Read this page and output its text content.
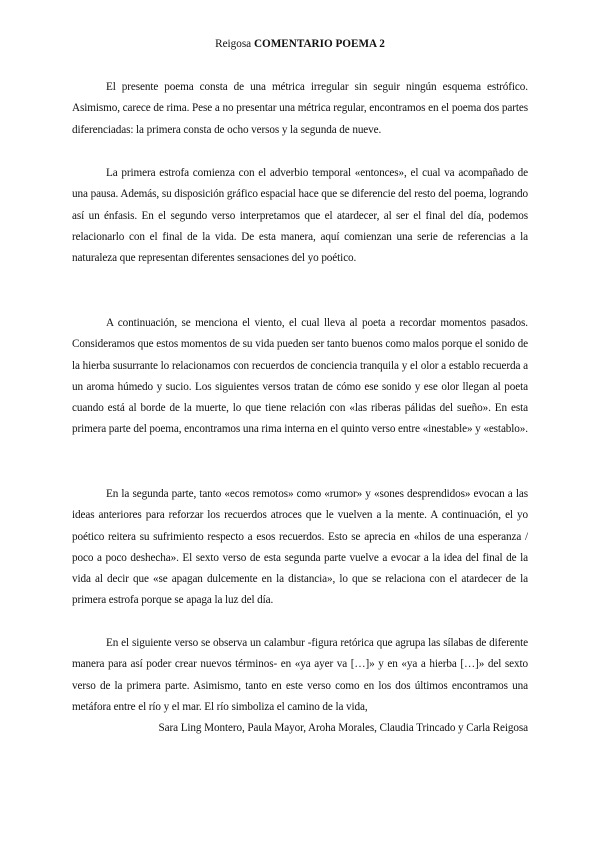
Reigosa COMENTARIO POEMA 2

El presente poema consta de una métrica irregular sin seguir ningún esquema estrófico. Asimismo, carece de rima. Pese a no presentar una métrica regular, encontramos en el poema dos partes diferenciadas: la primera consta de ocho versos y la segunda de nueve.

La primera estrofa comienza con el adverbio temporal «entonces», el cual va acompañado de una pausa. Además, su disposición gráfico espacial hace que se diferencie del resto del poema, logrando así un énfasis. En el segundo verso interpretamos que el atardecer, al ser el final del día, podemos relacionarlo con el final de la vida. De esta manera, aquí comienzan una serie de referencias a la naturaleza que representan diferentes sensaciones del yo poético.

A continuación, se menciona el viento, el cual lleva al poeta a recordar momentos pasados. Consideramos que estos momentos de su vida pueden ser tanto buenos como malos porque el sonido de la hierba susurrante lo relacionamos con recuerdos de conciencia tranquila y el olor a establo recuerda a un aroma húmedo y sucio. Los siguientes versos tratan de cómo ese sonido y ese olor llegan al poeta cuando está al borde de la muerte, lo que tiene relación con «las riberas pálidas del sueño». En esta primera parte del poema, encontramos una rima interna en el quinto verso entre «inestable» y «establo».

En la segunda parte, tanto «ecos remotos» como «rumor» y «sones desprendidos» evocan a las ideas anteriores para reforzar los recuerdos atroces que le vuelven a la mente. A continuación, el yo poético reitera su sufrimiento respecto a esos recuerdos. Esto se aprecia en «hilos de una esperanza / poco a poco deshecha». El sexto verso de esta segunda parte vuelve a evocar a la idea del final de la vida al decir que «se apagan dulcemente en la distancia», lo que se relaciona con el atardecer de la primera estrofa porque se apaga la luz del día.

En el siguiente verso se observa un calambur -figura retórica que agrupa las sílabas de diferente manera para así poder crear nuevos términos- en «ya ayer va […]» y en «ya a hierba […]» del sexto verso de la primera parte. Asimismo, tanto en este verso como en los dos últimos encontramos una metáfora entre el río y el mar. El río simboliza el camino de la vida,

Sara Ling Montero, Paula Mayor, Aroha Morales, Claudia Trincado y Carla Reigosa
